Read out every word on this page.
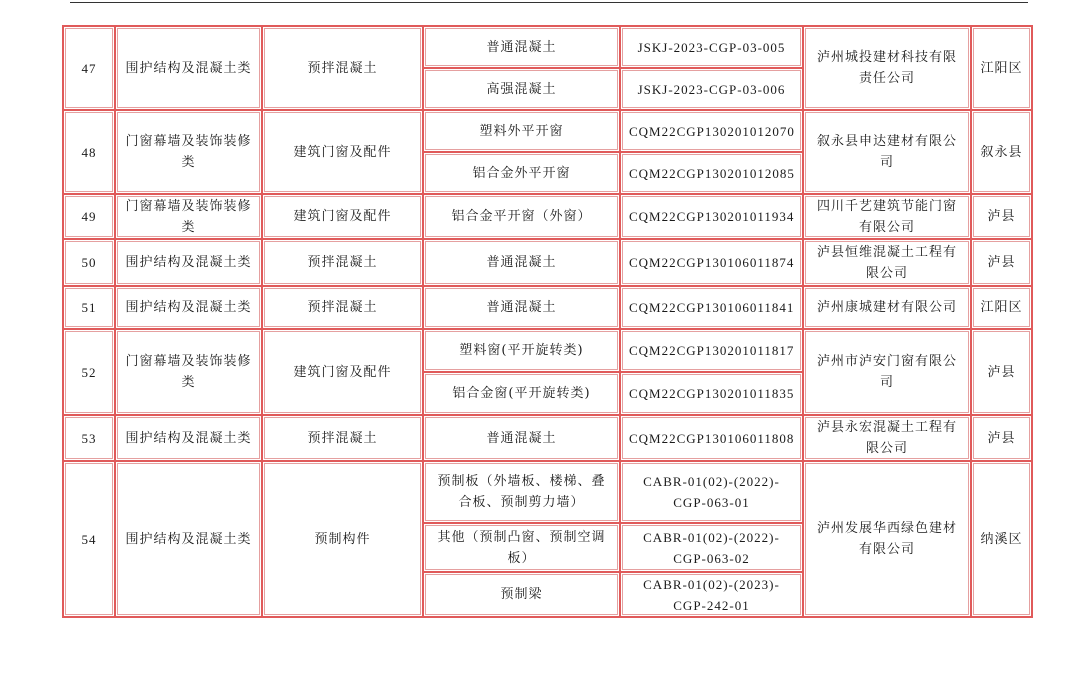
47	围护结构及混凝土类	预拌混凝土	普通混凝土	JSKJ-2023-CGP-03-005	泸州城投建材科技有限责任公司	江阳区
			高强混凝土	JSKJ-2023-CGP-03-006		
48	门窗幕墙及装饰装修类	建筑门窗及配件	塑料外平开窗	CQM22CGP130201012070	叙永县申达建材有限公司	叙永县
			铝合金外平开窗	CQM22CGP130201012085		
49	门窗幕墙及装饰装修类	建筑门窗及配件	铝合金平开窗（外窗）	CQM22CGP130201011934	四川千艺建筑节能门窗有限公司	泸县
50	围护结构及混凝土类	预拌混凝土	普通混凝土	CQM22CGP130106011874	泸县恒维混凝土工程有限公司	泸县
51	围护结构及混凝土类	预拌混凝土	普通混凝土	CQM22CGP130106011841	泸州康城建材有限公司	江阳区
52	门窗幕墙及装饰装修类	建筑门窗及配件	塑料窗(平开旋转类)	CQM22CGP130201011817	泸州市泸安门窗有限公司	泸县
			铝合金窗(平开旋转类)	CQM22CGP130201011835		
53	围护结构及混凝土类	预拌混凝土	普通混凝土	CQM22CGP130106011808	泸县永宏混凝土工程有限公司	泸县
54	围护结构及混凝土类	预制构件	预制板（外墙板、楼梯、叠合板、预制剪力墙）	CABR-01(02)-(2022)-CGP-063-01	泸州发展华西绿色建材有限公司	纳溪区
			其他（预制凸窗、预制空调板）	CABR-01(02)-(2022)-CGP-063-02		
			预制梁	CABR-01(02)-(2023)-CGP-242-01		
